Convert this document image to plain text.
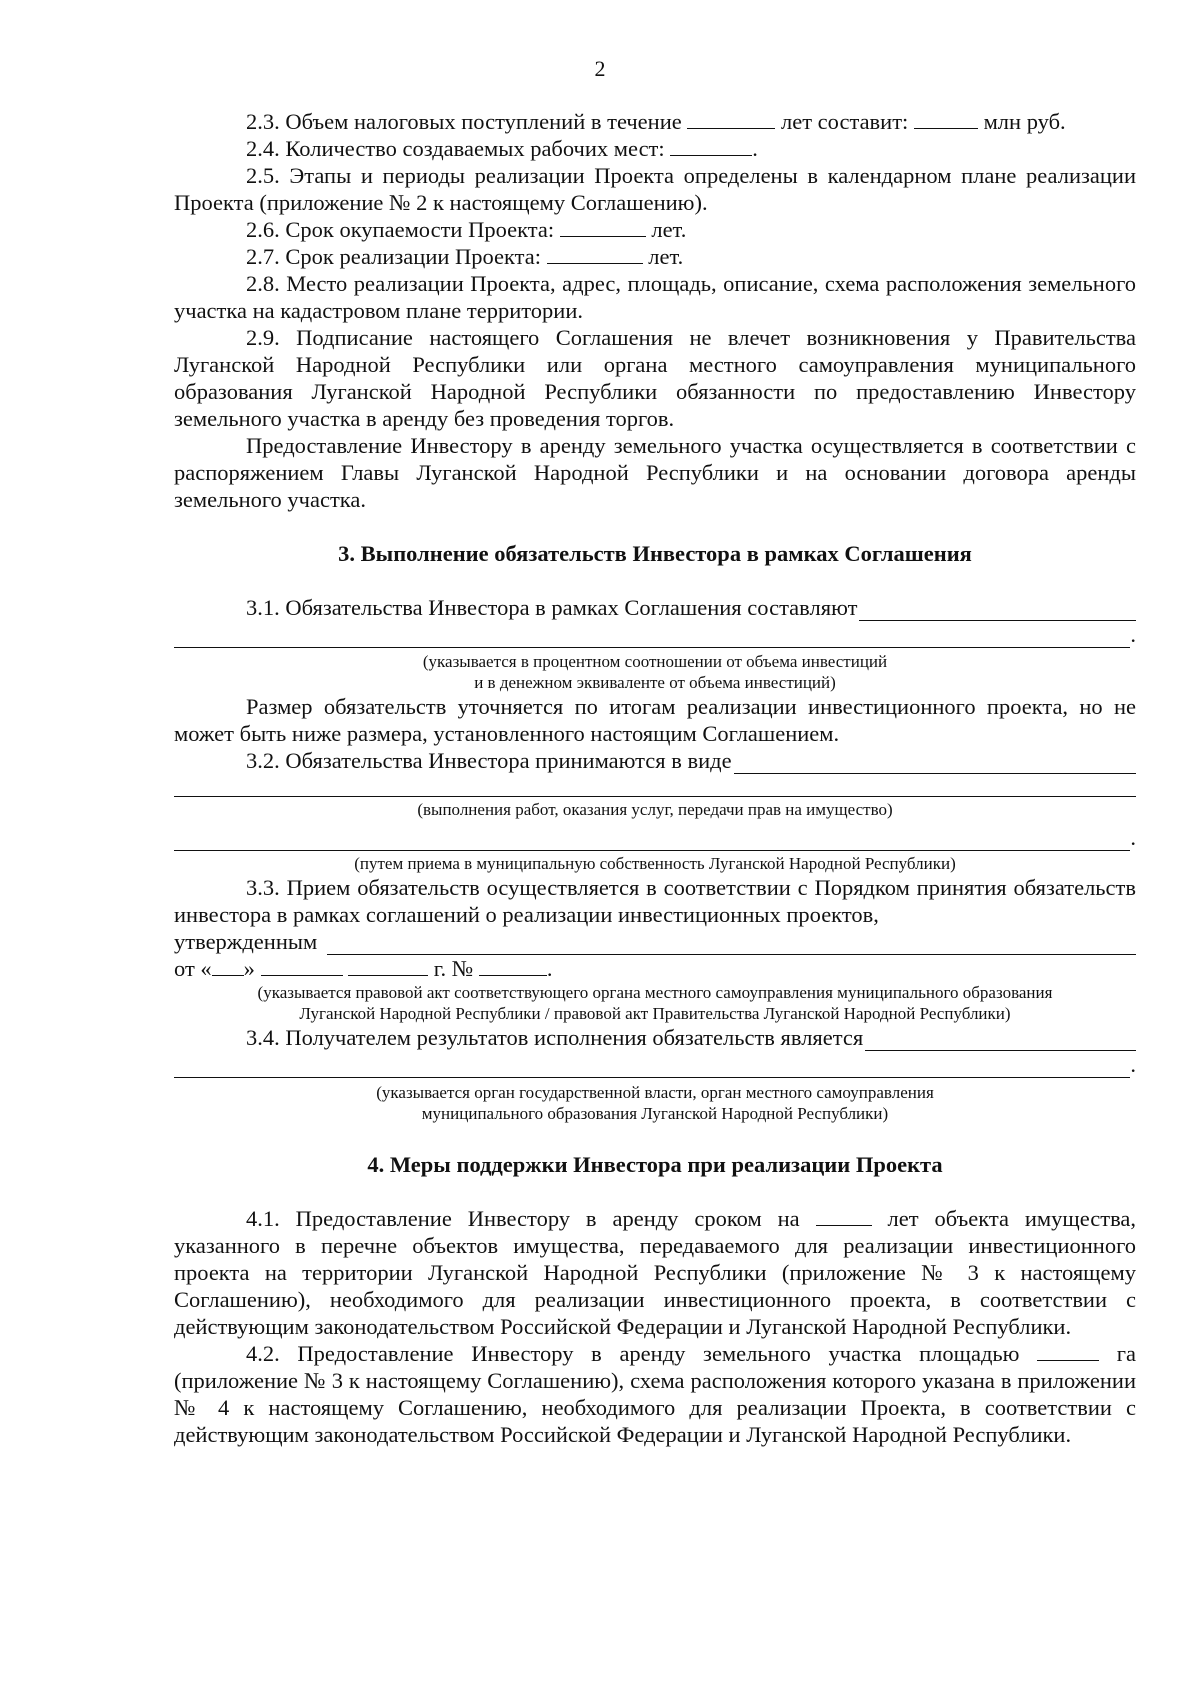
2

2.3. Объем налоговых поступлений в течение	лет составит:	млн руб.

2.4. Количество создаваемых рабочих мест:	.

2.5. Этапы и периоды реализации Проекта определены в календарном плане реализации Проекта (приложение № 2 к настоящему Соглашению).

2.6. Срок окупаемости Проекта:	лет.

2.7. Срок реализации Проекта:	лет.

2.8. Место реализации Проекта, адрес, площадь, описание, схема расположения земельного участка на кадастровом плане территории.

2.9. Подписание настоящего Соглашения не влечет возникновения у Правительства Луганской Народной Республики или органа местного самоуправления муниципального образования Луганской Народной Республики обязанности по предоставлению Инвестору земельного участка в аренду без проведения торгов.

Предоставление Инвестору в аренду земельного участка осуществляется в соответствии с распоряжением Главы Луганской Народной Республики и на основании договора аренды земельного участка.

3. Выполнение обязательств Инвестора в рамках Соглашения
3.1. Обязательства Инвестора в рамках Соглашения составляют
.
(указывается в процентном соотношении от объема инвестиций
и в денежном эквиваленте от объема инвестиций)

Размер обязательств уточняется по итогам реализации инвестиционного проекта, но не может быть ниже размера, установленного настоящим Соглашением.

3.2. Обязательства Инвестора принимаются в виде
(выполнения работ, оказания услуг, передачи прав на имущество)
.
(путем приема в муниципальную собственность Луганской Народной Республики)

3.3. Прием обязательств осуществляется в соответствии с Порядком принятия обязательств инвестора в рамках соглашений о реализации инвестиционных проектов,

утвержденным

от « »	г. №	.

(указывается правовой акт соответствующего органа местного самоуправления муниципального образования
Луганской Народной Республики / правовой акт Правительства Луганской Народной Республики)
3.4. Получателем результатов исполнения обязательств является
.
(указывается орган государственной власти, орган местного самоуправления
муниципального образования Луганской Народной Республики)
4. Меры поддержки Инвестора при реализации Проекта

4.1. Предоставление Инвестору в аренду сроком на	лет объекта имущества, указанного в перечне объектов имущества, передаваемого для реализации инвестиционного проекта на территории Луганской Народной Республики (приложение № 3 к настоящему Соглашению), необходимого для реализации инвестиционного проекта, в соответствии с действующим законодательством Российской Федерации и Луганской Народной Республики.

4.2. Предоставление Инвестору в аренду земельного участка площадью	га (приложение № 3 к настоящему Соглашению), схема расположения которого указана в приложении № 4 к настоящему Соглашению, необходимого для реализации Проекта, в соответствии с действующим законодательством Российской Федерации и Луганской Народной Республики.
